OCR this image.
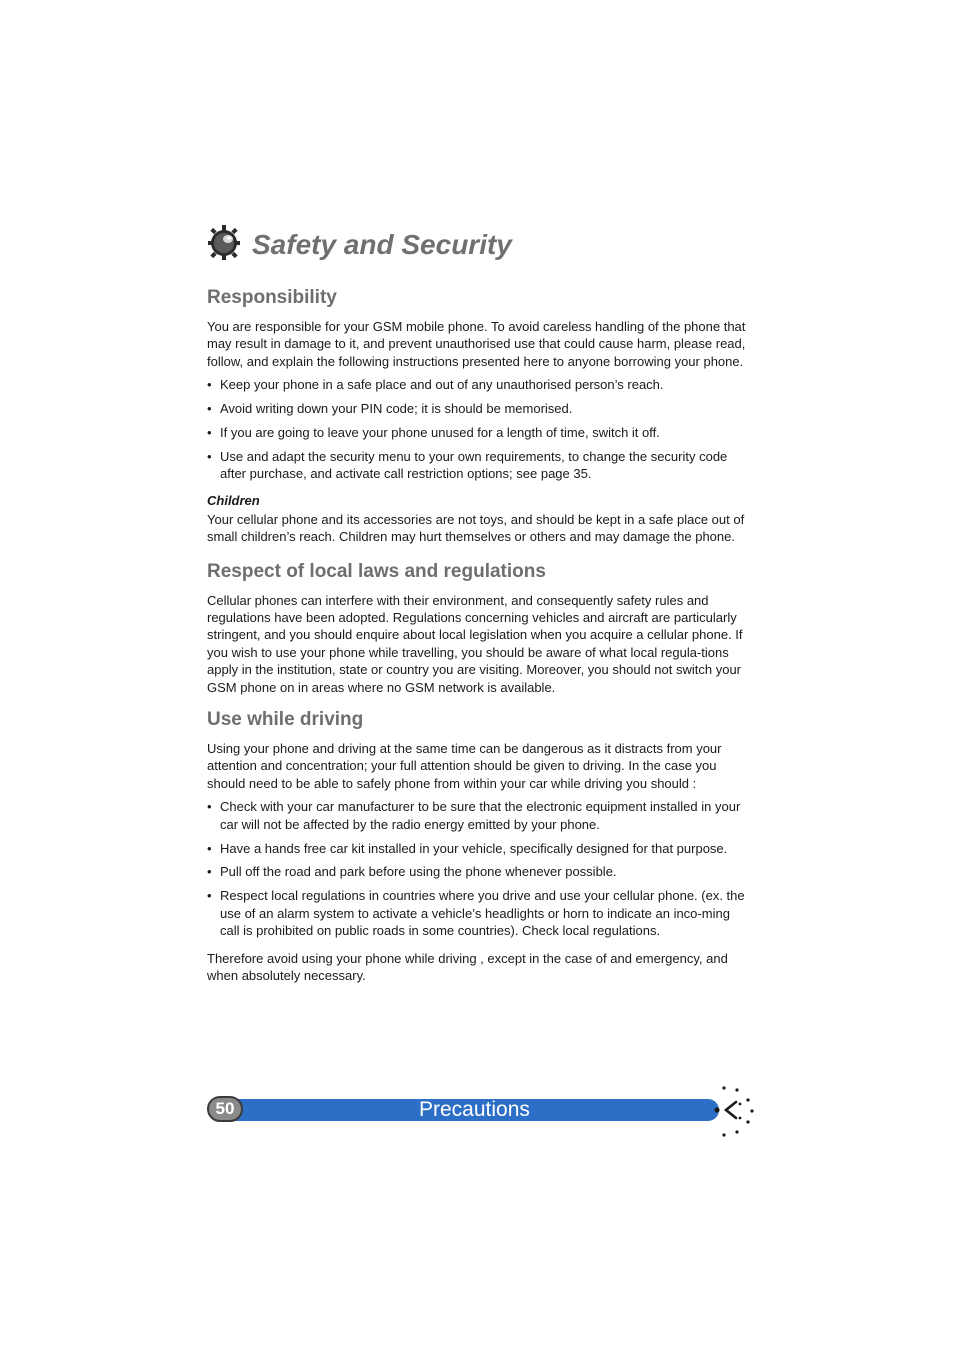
Safety and Security
Responsibility

You are responsible for your GSM mobile phone. To avoid careless handling of the phone that may result in damage to it, and prevent unauthorised use that could cause harm, please read, follow, and explain the following instructions presented here to anyone borrowing your phone.

• Keep your phone in a safe place and out of any unauthorised person’s reach.
• Avoid writing down your PIN code; it is should be memorised.
• If you are going to leave your phone unused for a length of time, switch it off.
• Use and adapt the security menu to your own requirements, to change the security code after purchase, and activate call restriction options; see page 35.
Children

Your cellular phone and its accessories are not toys, and should be kept in a safe place out of small children’s reach. Children may hurt themselves or others and may damage the phone.

Respect of local laws and regulations

Cellular phones can interfere with their environment, and consequently safety rules and regulations have been adopted. Regulations concerning vehicles and aircraft are particularly stringent, and you should enquire about local legislation when you acquire a cellular phone. If you wish to use your phone while travelling, you should be aware of what local regula-tions apply in the institution, state or country you are visiting. Moreover, you should not switch your GSM phone on in areas where no GSM network is available.

Use while driving

Using your phone and driving at the same time can be dangerous as it distracts from your attention and concentration; your full attention should be given to driving. In the case you should need to be able to safely phone from within your car while driving you should :

• Check with your car manufacturer to be sure that the electronic equipment installed in your car will not be affected by the radio energy emitted by your phone.
• Have a hands free car kit installed in your vehicle, specifically designed for that purpose.
• Pull off the road and park before using the phone whenever possible.
• Respect local regulations in countries where you drive and use your cellular phone. (ex. the use of an alarm system to activate a vehicle’s headlights or horn to indicate an inco-ming call is prohibited on public roads in some countries). Check local regulations.

Therefore avoid using your phone while driving , except in the case of and emergency, and when absolutely necessary.

50	Precautions
